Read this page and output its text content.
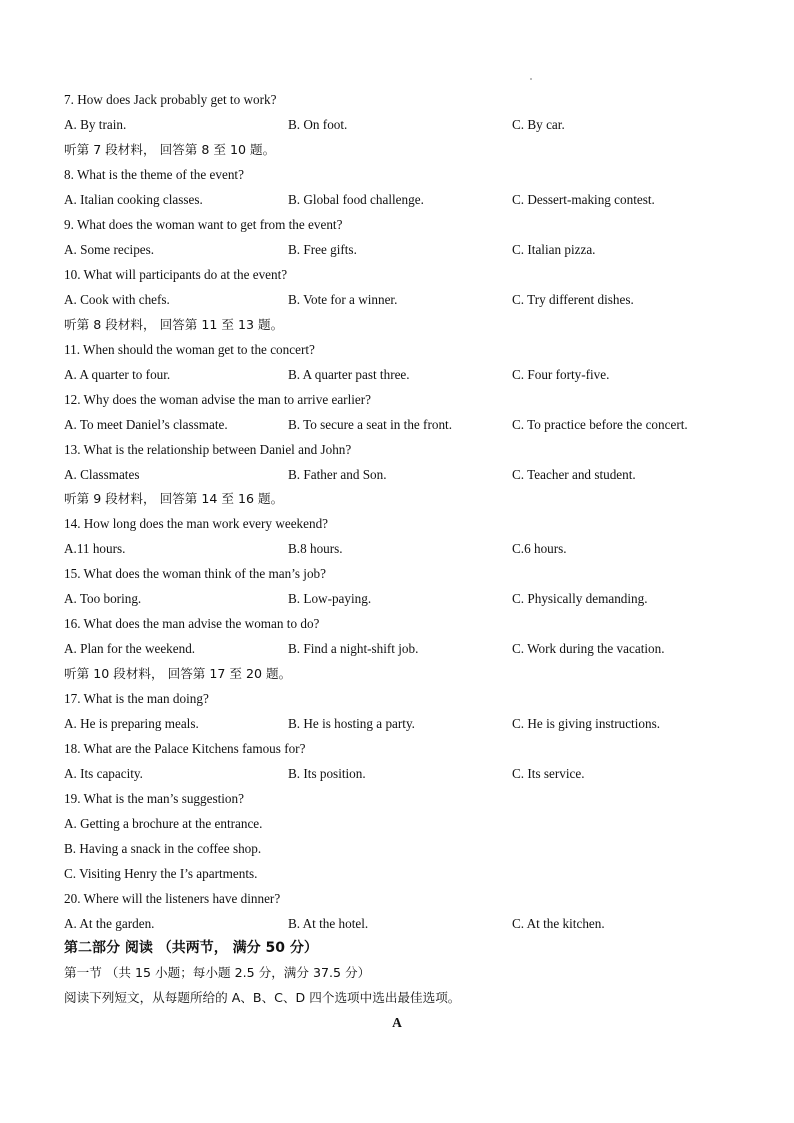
7. How does Jack probably get to work?
A. By train.	B. On foot.	C. By car.
听第 7 段材料， 回答第 8 至 10 题。
8. What is the theme of the event?
A. Italian cooking classes.	B. Global food challenge.	C. Dessert-making contest.
9. What does the woman want to get from the event?
A. Some recipes.	B. Free gifts.	C. Italian pizza.
10. What will participants do at the event?
A. Cook with chefs.	B. Vote for a winner.	C. Try different dishes.
听第 8 段材料， 回答第 11 至 13 题。
11. When should the woman get to the concert?
A. A quarter to four.	B. A quarter past three.	C. Four forty-five.
12. Why does the woman advise the man to arrive earlier?
A. To meet Daniel’s classmate.	B. To secure a seat in the front.	C. To practice before the concert.
13. What is the relationship between Daniel and John?
A. Classmates	B. Father and Son.	C. Teacher and student.
听第 9 段材料， 回答第 14 至 16 题。
14. How long does the man work every weekend?
A.11 hours.	B.8 hours.	C.6 hours.
15. What does the woman think of the man’s job?
A. Too boring.	B. Low-paying.	C. Physically demanding.
16. What does the man advise the woman to do?
A. Plan for the weekend.	B. Find a night-shift job.	C. Work during the vacation.
听第 10 段材料， 回答第 17 至 20 题。
17. What is the man doing?
A. He is preparing meals.	B. He is hosting a party.	C. He is giving instructions.
18. What are the Palace Kitchens famous for?
A. Its capacity.	B. Its position.	C. Its service.
19. What is the man’s suggestion?
A. Getting a brochure at the entrance.
B. Having a snack in the coffee shop.
C. Visiting Henry the I’s apartments.
20. Where will the listeners have dinner?
A. At the garden.	B. At the hotel.	C. At the kitchen.
第二部分 阅读 （共两节， 满分 50 分）
第一节 （共 15 小题；每小题 2.5 分，满分 37.5 分）
阅读下列短文，从每题所给的 A、B、C、D 四个选项中选出最佳选项。
A
